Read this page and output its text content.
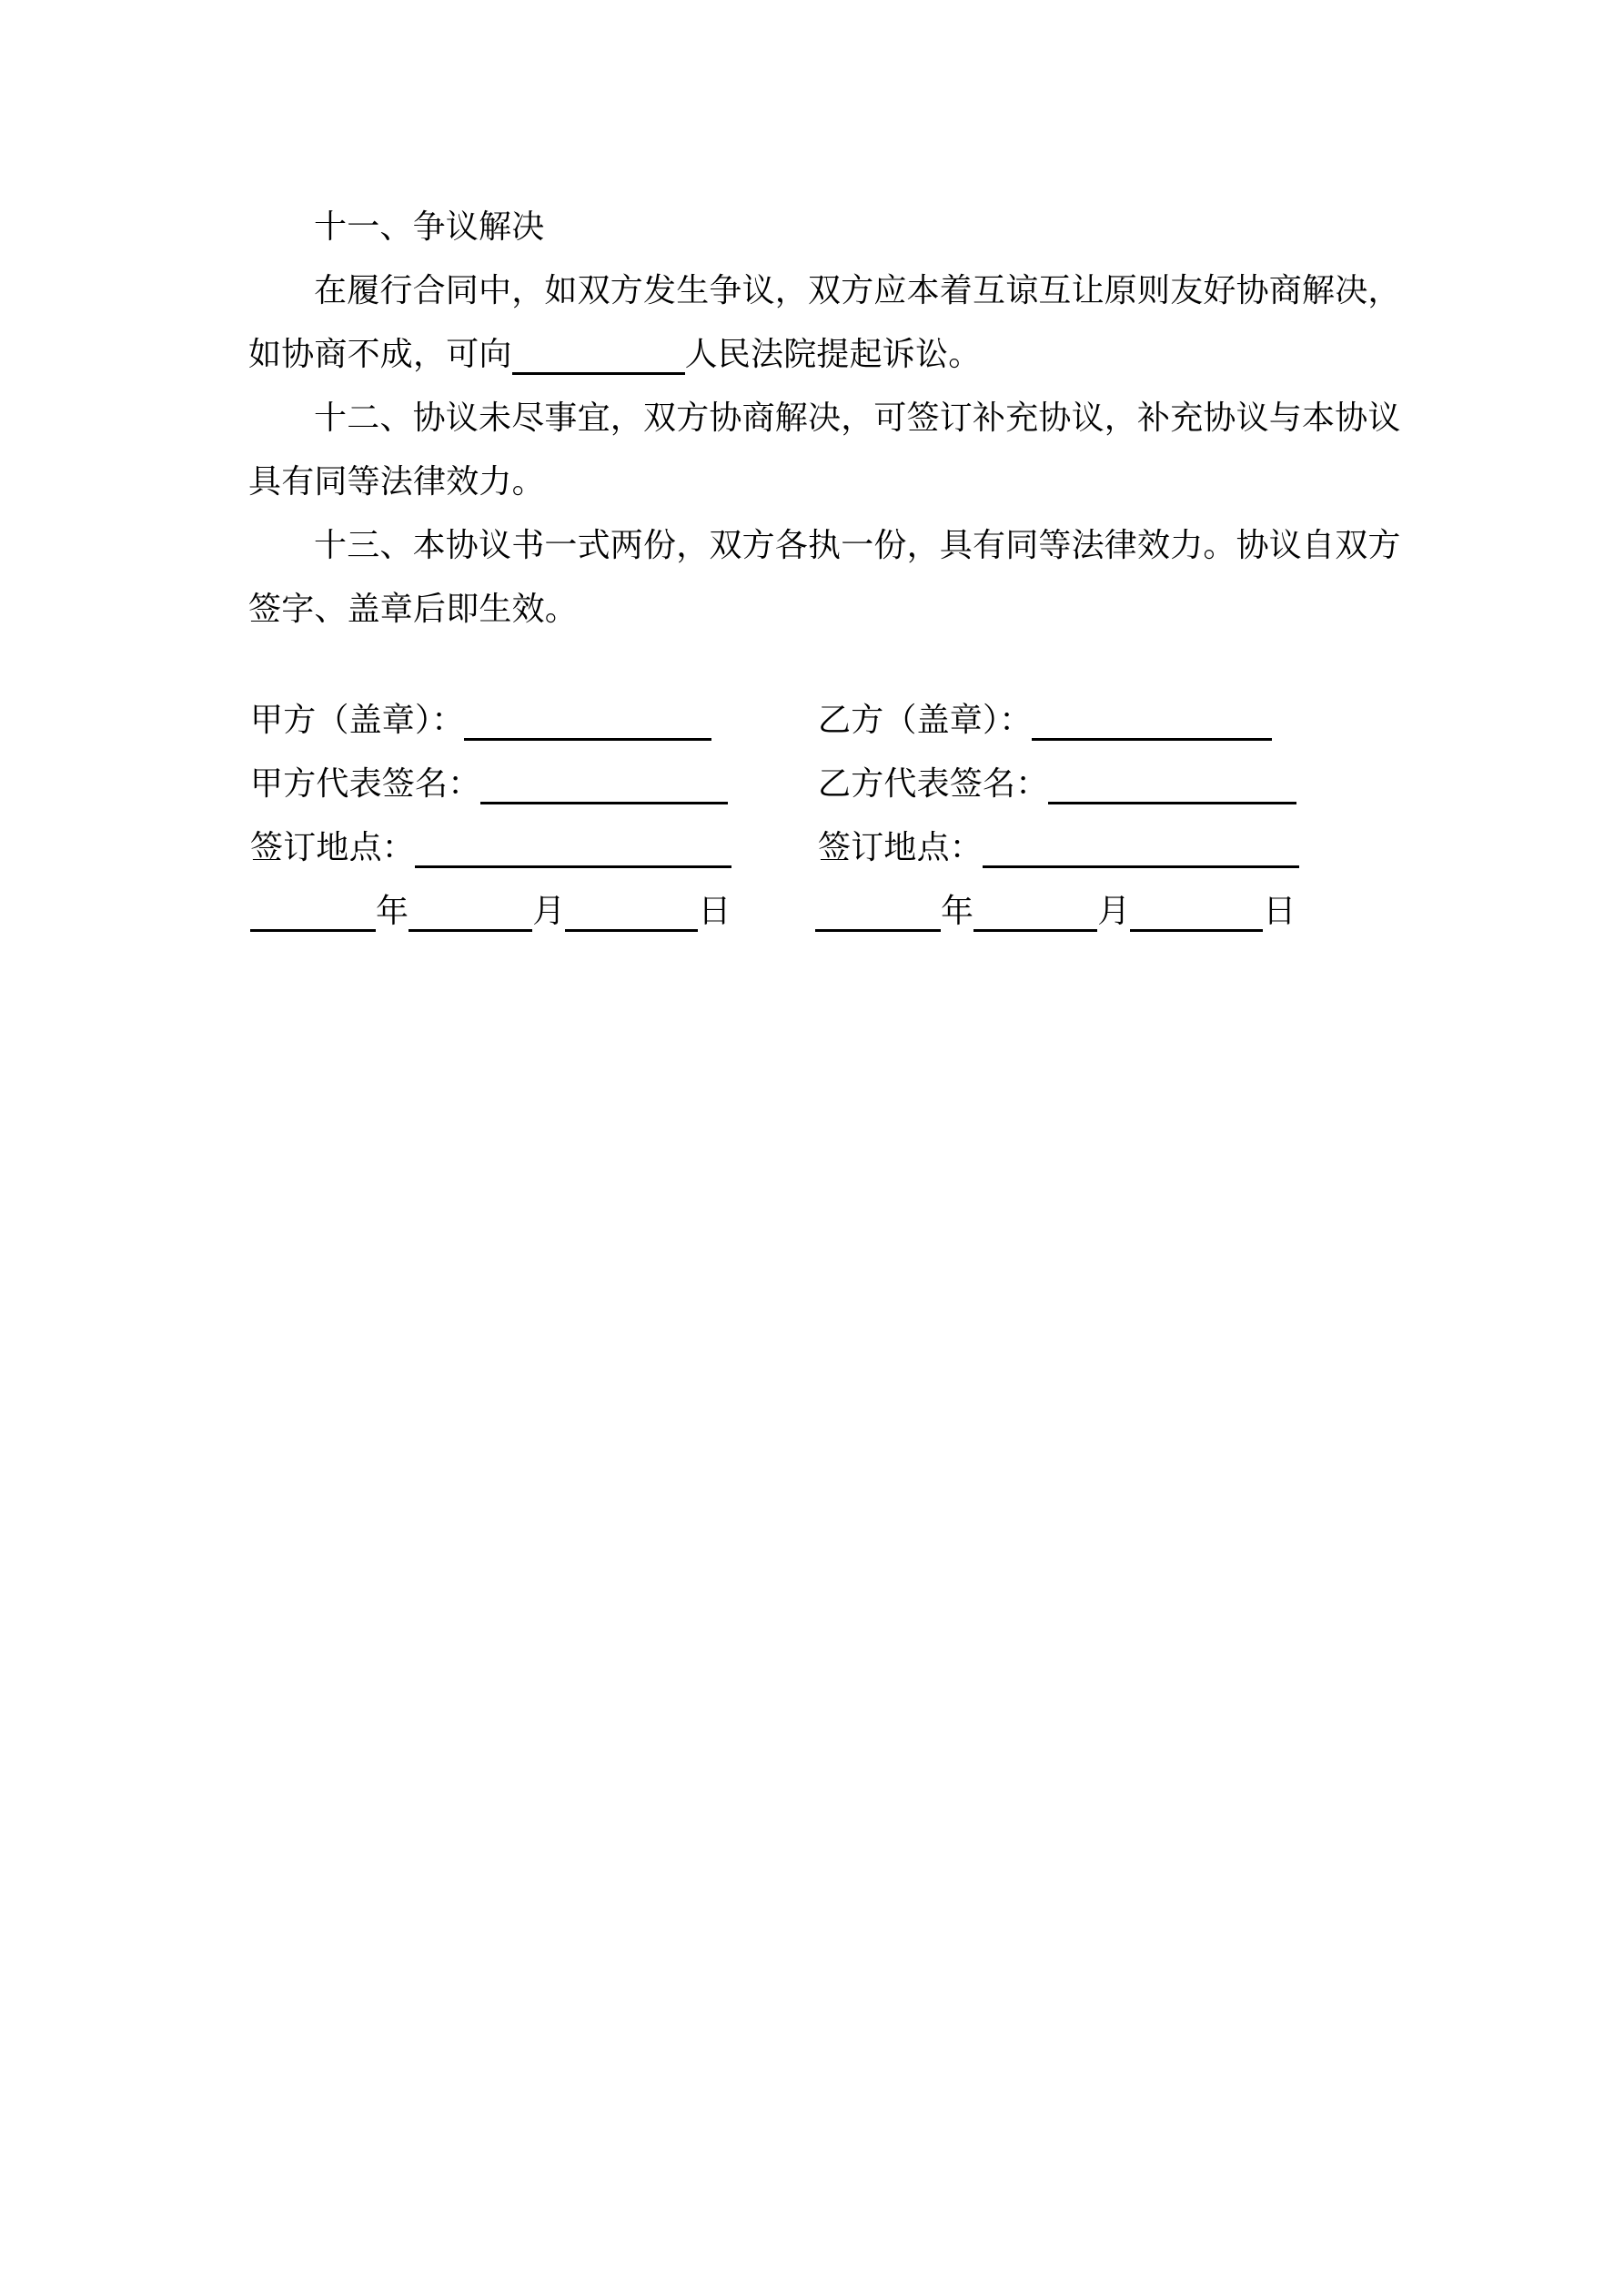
十一、争议解决
在履行合同中，如双方发生争议，双方应本着互谅互让原则友好协商解决，
如协商不成，可向	人民法院提起诉讼。
十二、协议未尽事宜，双方协商解决，可签订补充协议，补充协议与本协议
具有同等法律效力。
十三、本协议书一式两份，双方各执一份，具有同等法律效力。协议自双方
签字、盖章后即生效。
甲方（盖章）：	乙方（盖章）：
甲方代表签名：	乙方代表签名：
签订地点：	签订地点：
年	月	日	年	月	日
